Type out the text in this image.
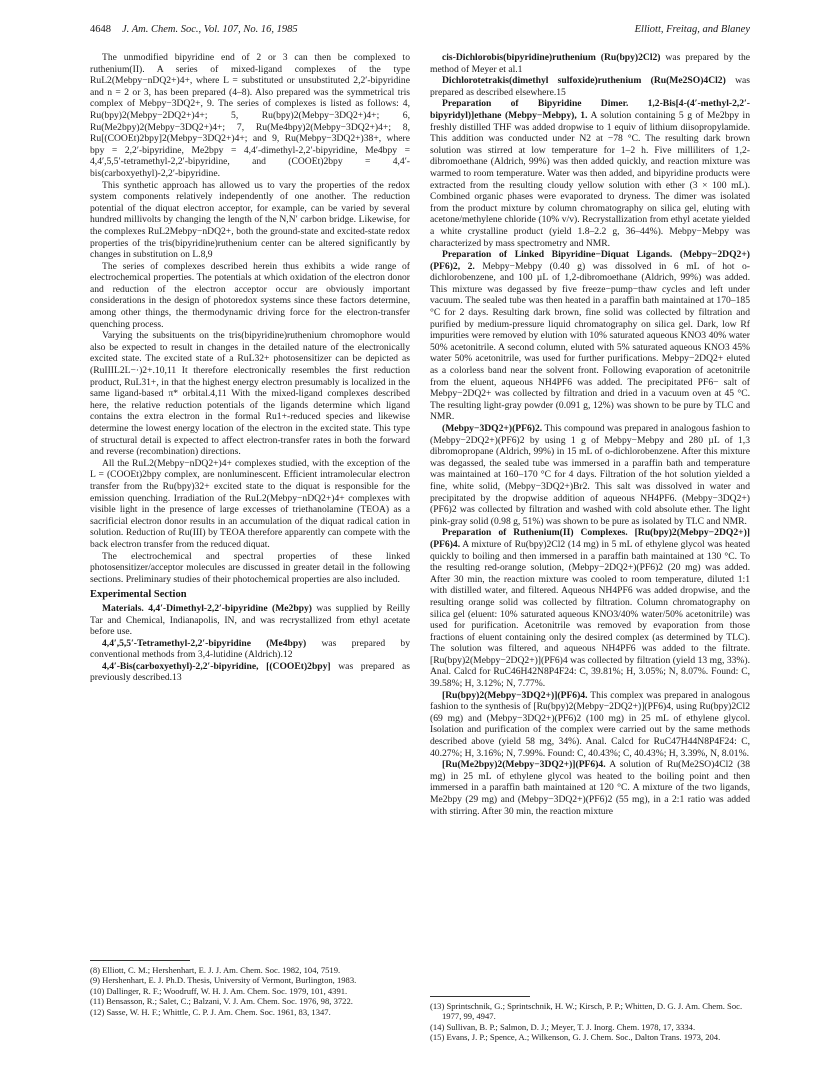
4648 J. Am. Chem. Soc., Vol. 107, No. 16, 1985	Elliott, Freitag, and Blaney

The unmodified bipyridine end of 2 or 3 can then be complexed to ruthenium(II). A series of mixed-ligand complexes of the type RuL2(Mebpy−nDQ2+)4+, where L = substituted or unsubstituted 2,2′-bipyridine and n = 2 or 3, has been prepared (4–8). Also prepared was the symmetrical tris complex of Mebpy−3DQ2+, 9. The series of complexes is listed as follows: 4, Ru(bpy)2(Mebpy−2DQ2+)4+; 5, Ru(bpy)2(Mebpy−3DQ2+)4+; 6, Ru(Me2bpy)2(Mebpy−3DQ2+)4+; 7, Ru(Me4bpy)2(Mebpy−3DQ2+)4+; 8, Ru[(COOEt)2bpy]2(Mebpy−3DQ2+)4+; and 9, Ru(Mebpy−3DQ2+)38+, where bpy = 2,2′-bipyridine, Me2bpy = 4,4′-dimethyl-2,2′-bipyridine, Me4bpy = 4,4′,5,5′-tetramethyl-2,2′-bipyridine, and (COOEt)2bpy = 4,4′-bis(carboxyethyl)-2,2′-bipyridine.

This synthetic approach has allowed us to vary the properties of the redox system components relatively independently of one another. The reduction potential of the diquat electron acceptor, for example, can be varied by several hundred millivolts by changing the length of the N,N′ carbon bridge. Likewise, for the complexes RuL2Mebpy−nDQ2+, both the ground-state and excited-state redox properties of the tris(bipyridine)ruthenium center can be altered significantly by changes in substitution on L.8,9

The series of complexes described herein thus exhibits a wide range of electrochemical properties. The potentials at which oxidation of the electron donor and reduction of the electron acceptor occur are obviously important considerations in the design of photoredox systems since these factors determine, among other things, the thermodynamic driving force for the electron-transfer quenching process.

Varying the subsituents on the tris(bipyridine)ruthenium chromophore would also be expected to result in changes in the detailed nature of the electronically excited state. The excited state of a RuL32+ photosensitizer can be depicted as (RuIIIL2L−·)2+.10,11 It therefore electronically resembles the first reduction product, RuL31+, in that the highest energy electron presumably is localized in the same ligand-based π* orbital.4,11 With the mixed-ligand complexes described here, the relative reduction potentials of the ligands determine which ligand contains the extra electron in the formal Ru1+-reduced species and likewise determine the lowest energy location of the electron in the excited state. This type of structural detail is expected to affect electron-transfer rates in both the forward and reverse (recombination) directions.

All the RuL2(Mebpy−nDQ2+)4+ complexes studied, with the exception of the L = (COOEt)2bpy complex, are nonluminescent. Efficient intramolecular electron transfer from the Ru(bpy)32+ excited state to the diquat is responsible for the emission quenching. Irradiation of the RuL2(Mebpy−nDQ2+)4+ complexes with visible light in the presence of large excesses of triethanolamine (TEOA) as a sacrificial electron donor results in an accumulation of the diquat radical cation in solution. Reduction of Ru(III) by TEOA therefore apparently can compete with the back electron transfer from the reduced diquat.

The electrochemical and spectral properties of these linked photosensitizer/acceptor molecules are discussed in greater detail in the following sections. Preliminary studies of their photochemical properties are also included.

Experimental Section

Materials. 4,4′-Dimethyl-2,2′-bipyridine (Me2bpy) was supplied by Reilly Tar and Chemical, Indianapolis, IN, and was recrystallized from ethyl acetate before use.

4,4′,5,5′-Tetramethyl-2,2′-bipyridine (Me4bpy) was prepared by conventional methods from 3,4-lutidine (Aldrich).12

4,4′-Bis(carboxyethyl)-2,2′-bipyridine, [(COOEt)2bpy] was prepared as previously described.13

cis-Dichlorobis(bipyridine)ruthenium (Ru(bpy)2Cl2) was prepared by the method of Meyer et al.1

Dichlorotetrakis(dimethyl sulfoxide)ruthenium (Ru(Me2SO)4Cl2) was prepared as described elsewhere.15

Preparation of Bipyridine Dimer. 1,2-Bis[4-(4′-methyl-2,2′-bipyridyl)]ethane (Mebpy−Mebpy), 1. A solution containing 5 g of Me2bpy in freshly distilled THF was added dropwise to 1 equiv of lithium diisopropylamide. This addition was conducted under N2 at −78 °C. The resulting dark brown solution was stirred at low temperature for 1–2 h. Five milliliters of 1,2-dibromoethane (Aldrich, 99%) was then added quickly, and reaction mixture was warmed to room temperature. Water was then added, and bipyridine products were extracted from the resulting cloudy yellow solution with ether (3 × 100 mL). Combined organic phases were evaporated to dryness. The dimer was isolated from the product mixture by column chromatography on silica gel, eluting with acetone/methylene chloride (10% v/v). Recrystallization from ethyl acetate yielded a white crystalline product (yield 1.8–2.2 g, 36–44%). Mebpy−Mebpy was characterized by mass spectrometry and NMR.

Preparation of Linked Bipyridine−Diquat Ligands. (Mebpy−2DQ2+)(PF6)2, 2. Mebpy−Mebpy (0.40 g) was dissolved in 6 mL of hot o-dichlorobenzene, and 100 µL of 1,2-dibromoethane (Aldrich, 99%) was added. This mixture was degassed by five freeze−pump−thaw cycles and left under vacuum. The sealed tube was then heated in a paraffin bath maintained at 170–185 °C for 2 days. Resulting dark brown, fine solid was collected by filtration and purified by medium-pressure liquid chromatography on silica gel. Dark, low Rf impurities were removed by elution with 10% saturated aqueous KNO3 40% water 50% acetonitrile. A second column, eluted with 5% saturated aqueous KNO3 45% water 50% acetonitrile, was used for further purifications. Mebpy−2DQ2+ eluted as a colorless band near the solvent front. Following evaporation of acetonitrile from the eluent, aqueous NH4PF6 was added. The precipitated PF6− salt of Mebpy−2DQ2+ was collected by filtration and dried in a vacuum oven at 45 °C. The resulting light-gray powder (0.091 g, 12%) was shown to be pure by TLC and NMR.

(Mebpy−3DQ2+)(PF6)2. This compound was prepared in analogous fashion to (Mebpy−2DQ2+)(PF6)2 by using 1 g of Mebpy−Mebpy and 280 µL of 1,3 dibromopropane (Aldrich, 99%) in 15 mL of o-dichlorobenzene. After this mixture was degassed, the sealed tube was immersed in a paraffin bath and temperature was maintained at 160–170 °C for 4 days. Filtration of the hot solution yielded a fine, white solid, (Mebpy−3DQ2+)Br2. This salt was dissolved in water and precipitated by the dropwise addition of aqueous NH4PF6. (Mebpy−3DQ2+)(PF6)2 was collected by filtration and washed with cold absolute ether. The light pink-gray solid (0.98 g, 51%) was shown to be pure as isolated by TLC and NMR.

Preparation of Ruthenium(II) Complexes. [Ru(bpy)2(Mebpy−2DQ2+)](PF6)4. A mixture of Ru(bpy)2Cl2 (14 mg) in 5 mL of ethylene glycol was heated quickly to boiling and then immersed in a paraffin bath maintained at 130 °C. To the resulting red-orange solution, (Mebpy−2DQ2+)(PF6)2 (20 mg) was added. After 30 min, the reaction mixture was cooled to room temperature, diluted 1:1 with distilled water, and filtered. Aqueous NH4PF6 was added dropwise, and the resulting orange solid was collected by filtration. Column chromatography on silica gel (eluent: 10% saturated aqueous KNO3/40% water/50% acetonitrile) was used for purification. Acetonitrile was removed by evaporation from those fractions of eluent containing only the desired complex (as determined by TLC). The solution was filtered, and aqueous NH4PF6 was added to the filtrate. [Ru(bpy)2(Mebpy−2DQ2+)](PF6)4 was collected by filtration (yield 13 mg, 33%). Anal. Calcd for RuC46H42N8P4F24: C, 39.81%; H, 3.05%; N, 8.07%. Found: C, 39.58%; H, 3.12%; N, 7.77%.

[Ru(bpy)2(Mebpy−3DQ2+)](PF6)4. This complex was prepared in analogous fashion to the synthesis of [Ru(bpy)2(Mebpy−2DQ2+)](PF6)4, using Ru(bpy)2Cl2 (69 mg) and (Mebpy−3DQ2+)(PF6)2 (100 mg) in 25 mL of ethylene glycol. Isolation and purification of the complex were carried out by the same methods described above (yield 58 mg, 34%). Anal. Calcd for RuC47H44N8P4F24: C, 40.27%; H, 3.16%; N, 7.99%. Found: C, 40.43%; C, 40.43%; H, 3.39%, N, 8.01%.

[Ru(Me2bpy)2(Mebpy−3DQ2+)](PF6)4. A solution of Ru(Me2SO)4Cl2 (38 mg) in 25 mL of ethylene glycol was heated to the boiling point and then immersed in a paraffin bath maintained at 120 °C. A mixture of the two ligands, Me2bpy (29 mg) and (Mebpy−3DQ2+)(PF6)2 (55 mg), in a 2:1 ratio was added with stirring. After 30 min, the reaction mixture

(8) Elliott, C. M.; Hershenhart, E. J. J. Am. Chem. Soc. 1982, 104, 7519.

(9) Hershenhart, E. J. Ph.D. Thesis, University of Vermont, Burlington, 1983.

(10) Dallinger, R. F.; Woodruff, W. H. J. Am. Chem. Soc. 1979, 101, 4391.

(11) Bensasson, R.; Salet, C.; Balzani, V. J. Am. Chem. Soc. 1976, 98, 3722.

(12) Sasse, W. H. F.; Whittle, C. P. J. Am. Chem. Soc. 1961, 83, 1347.

(13) Sprintschnik, G.; Sprintschnik, H. W.; Kirsch, P. P.; Whitten, D. G. J. Am. Chem. Soc. 1977, 99, 4947.

(14) Sullivan, B. P.; Salmon, D. J.; Meyer, T. J. Inorg. Chem. 1978, 17, 3334.

(15) Evans, J. P.; Spence, A.; Wilkenson, G. J. Chem. Soc., Dalton Trans. 1973, 204.
